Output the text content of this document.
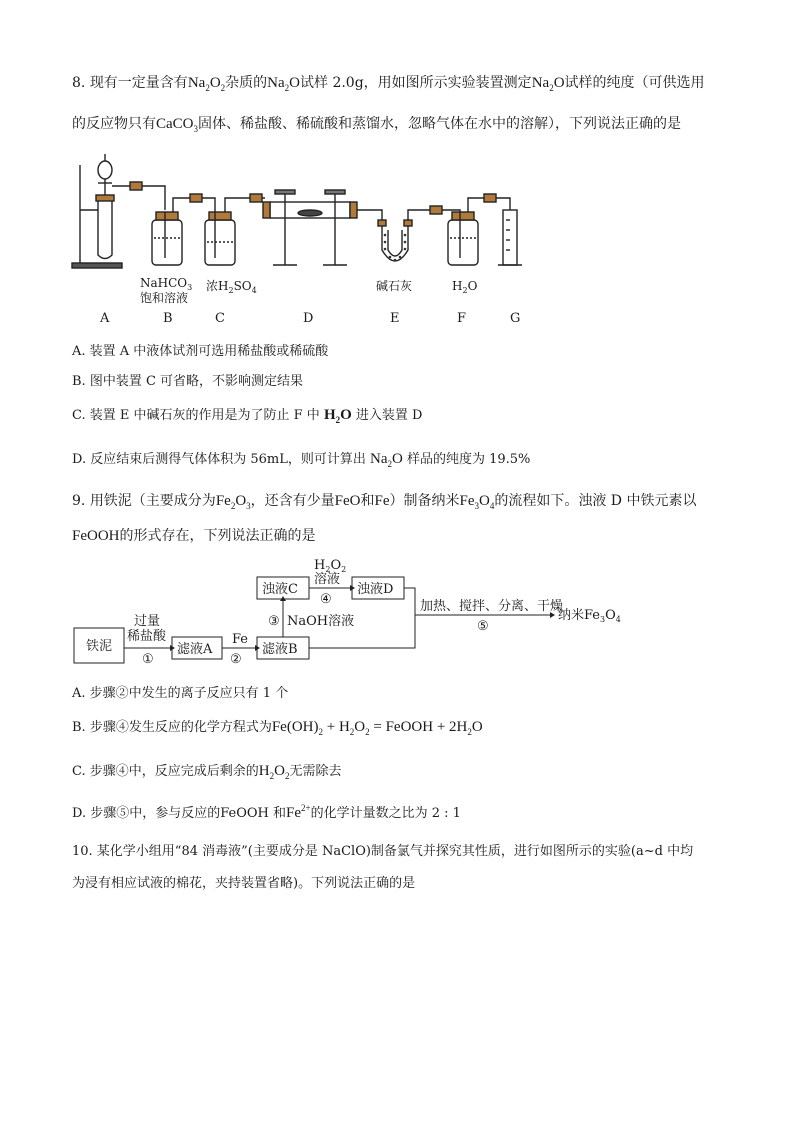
8. 现有一定量含有$Na_2O_2$杂质的$Na_2O$试样 2.0g，用如图所示实验装置测定$Na_2O$试样的纯度（可供选用
的反应物只有CaCO$_3$固体、稀盐酸、稀硫酸和蒸馏水，忽略气体在水中的溶解），下列说法正确的是
NaHCO$_3$
饱和溶液
浓$H_2SO_4$	碱石灰	$H_2O$
A	B	C	D	E	F	G
A. 装置 A 中液体试剂可选用稀盐酸或稀硫酸
B. 图中装置 C 可省略，不影响测定结果
C. 装置 E 中碱石灰的作用是为了防止 F 中 $H_2O$ 进入装置 D
D. 反应结束后测得气体体积为 56mL，则可计算出 $Na_2O$ 样品的纯度为 19.5%
9. 用铁泥（主要成分为$Fe_2O_3$，还含有少量FeO和Fe）制备纳米$Fe_3O_4$的流程如下。浊液 D 中铁元素以
FeOOH的形式存在，下列说法正确的是
铁泥	滤液A	滤液B
浊液C	浊液D
过量
稀盐酸
①
Fe
②
③ NaOH溶液
$H_2O_2$
溶液
④	加热、搅拌、分离、干燥
⑤
纳米$Fe_3O_4$
A. 步骤②中发生的离子反应只有 1 个
B. 步骤④发生反应的化学方程式为$Fe(OH)_2 + H_2O_2$ = FeOOH + $2H_2O$
C. 步骤④中，反应完成后剩余的$H_2O_2$无需除去
D. 步骤⑤中，参与反应的FeOOH 和$Fe^{2+}$的化学计量数之比为 2 : 1
10. 某化学小组用“84 消毒液”(主要成分是 NaClO)制备氯气并探究其性质，进行如图所示的实验(a~d 中均
为浸有相应试液的棉花，夹持装置省略)。下列说法正确的是
